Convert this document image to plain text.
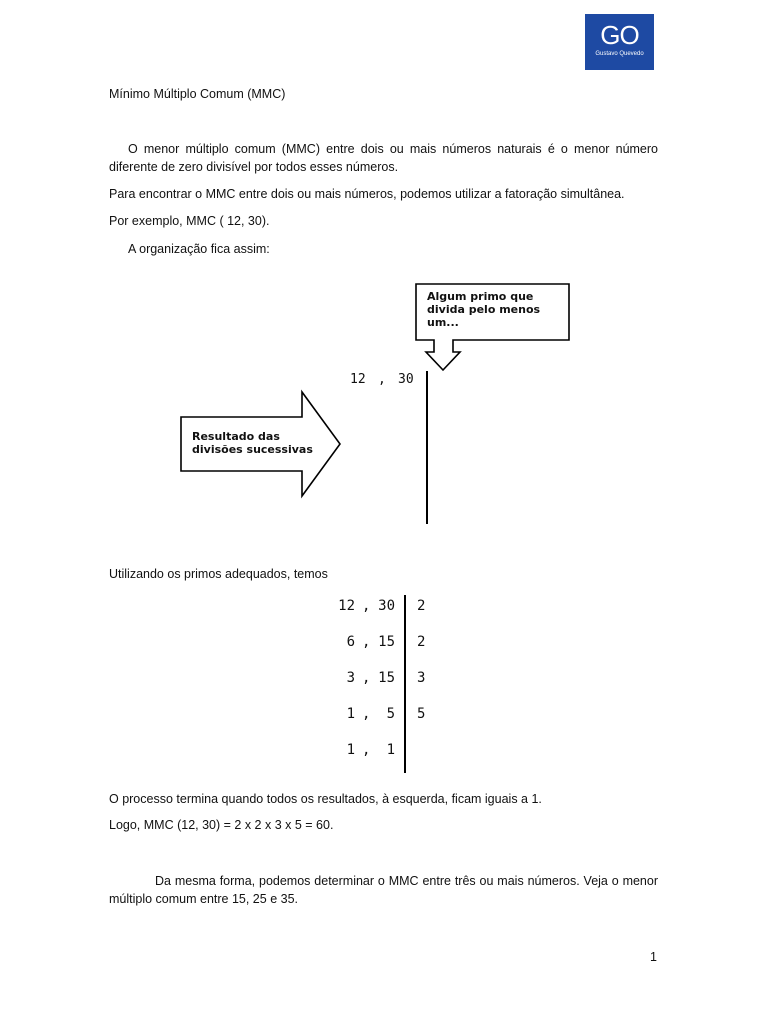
GO
Gustavo Quevedo
Mínimo Múltiplo Comum (MMC)
O menor múltiplo comum (MMC) entre dois ou mais números naturais é o menor número diferente de zero divisível por todos esses números.
Para encontrar o MMC entre dois ou mais números, podemos utilizar a fatoração simultânea.
Por exemplo, MMC ( 12, 30).
A organização fica assim:
Algum primo que divida pelo menos um...
Resultado das divisões sucessivas
12 , 30
Utilizando os primos adequados, temos
12 , 30 2
6 , 15 2
3 , 15 3
1 ,	5 5
1 ,	1
O processo termina quando todos os resultados, à esquerda, ficam iguais a 1.
Logo, MMC (12, 30) = 2 x 2 x 3 x 5 = 60.
Da mesma forma, podemos determinar o MMC entre três ou mais números. Veja o menor múltiplo comum entre 15, 25 e 35.
1
